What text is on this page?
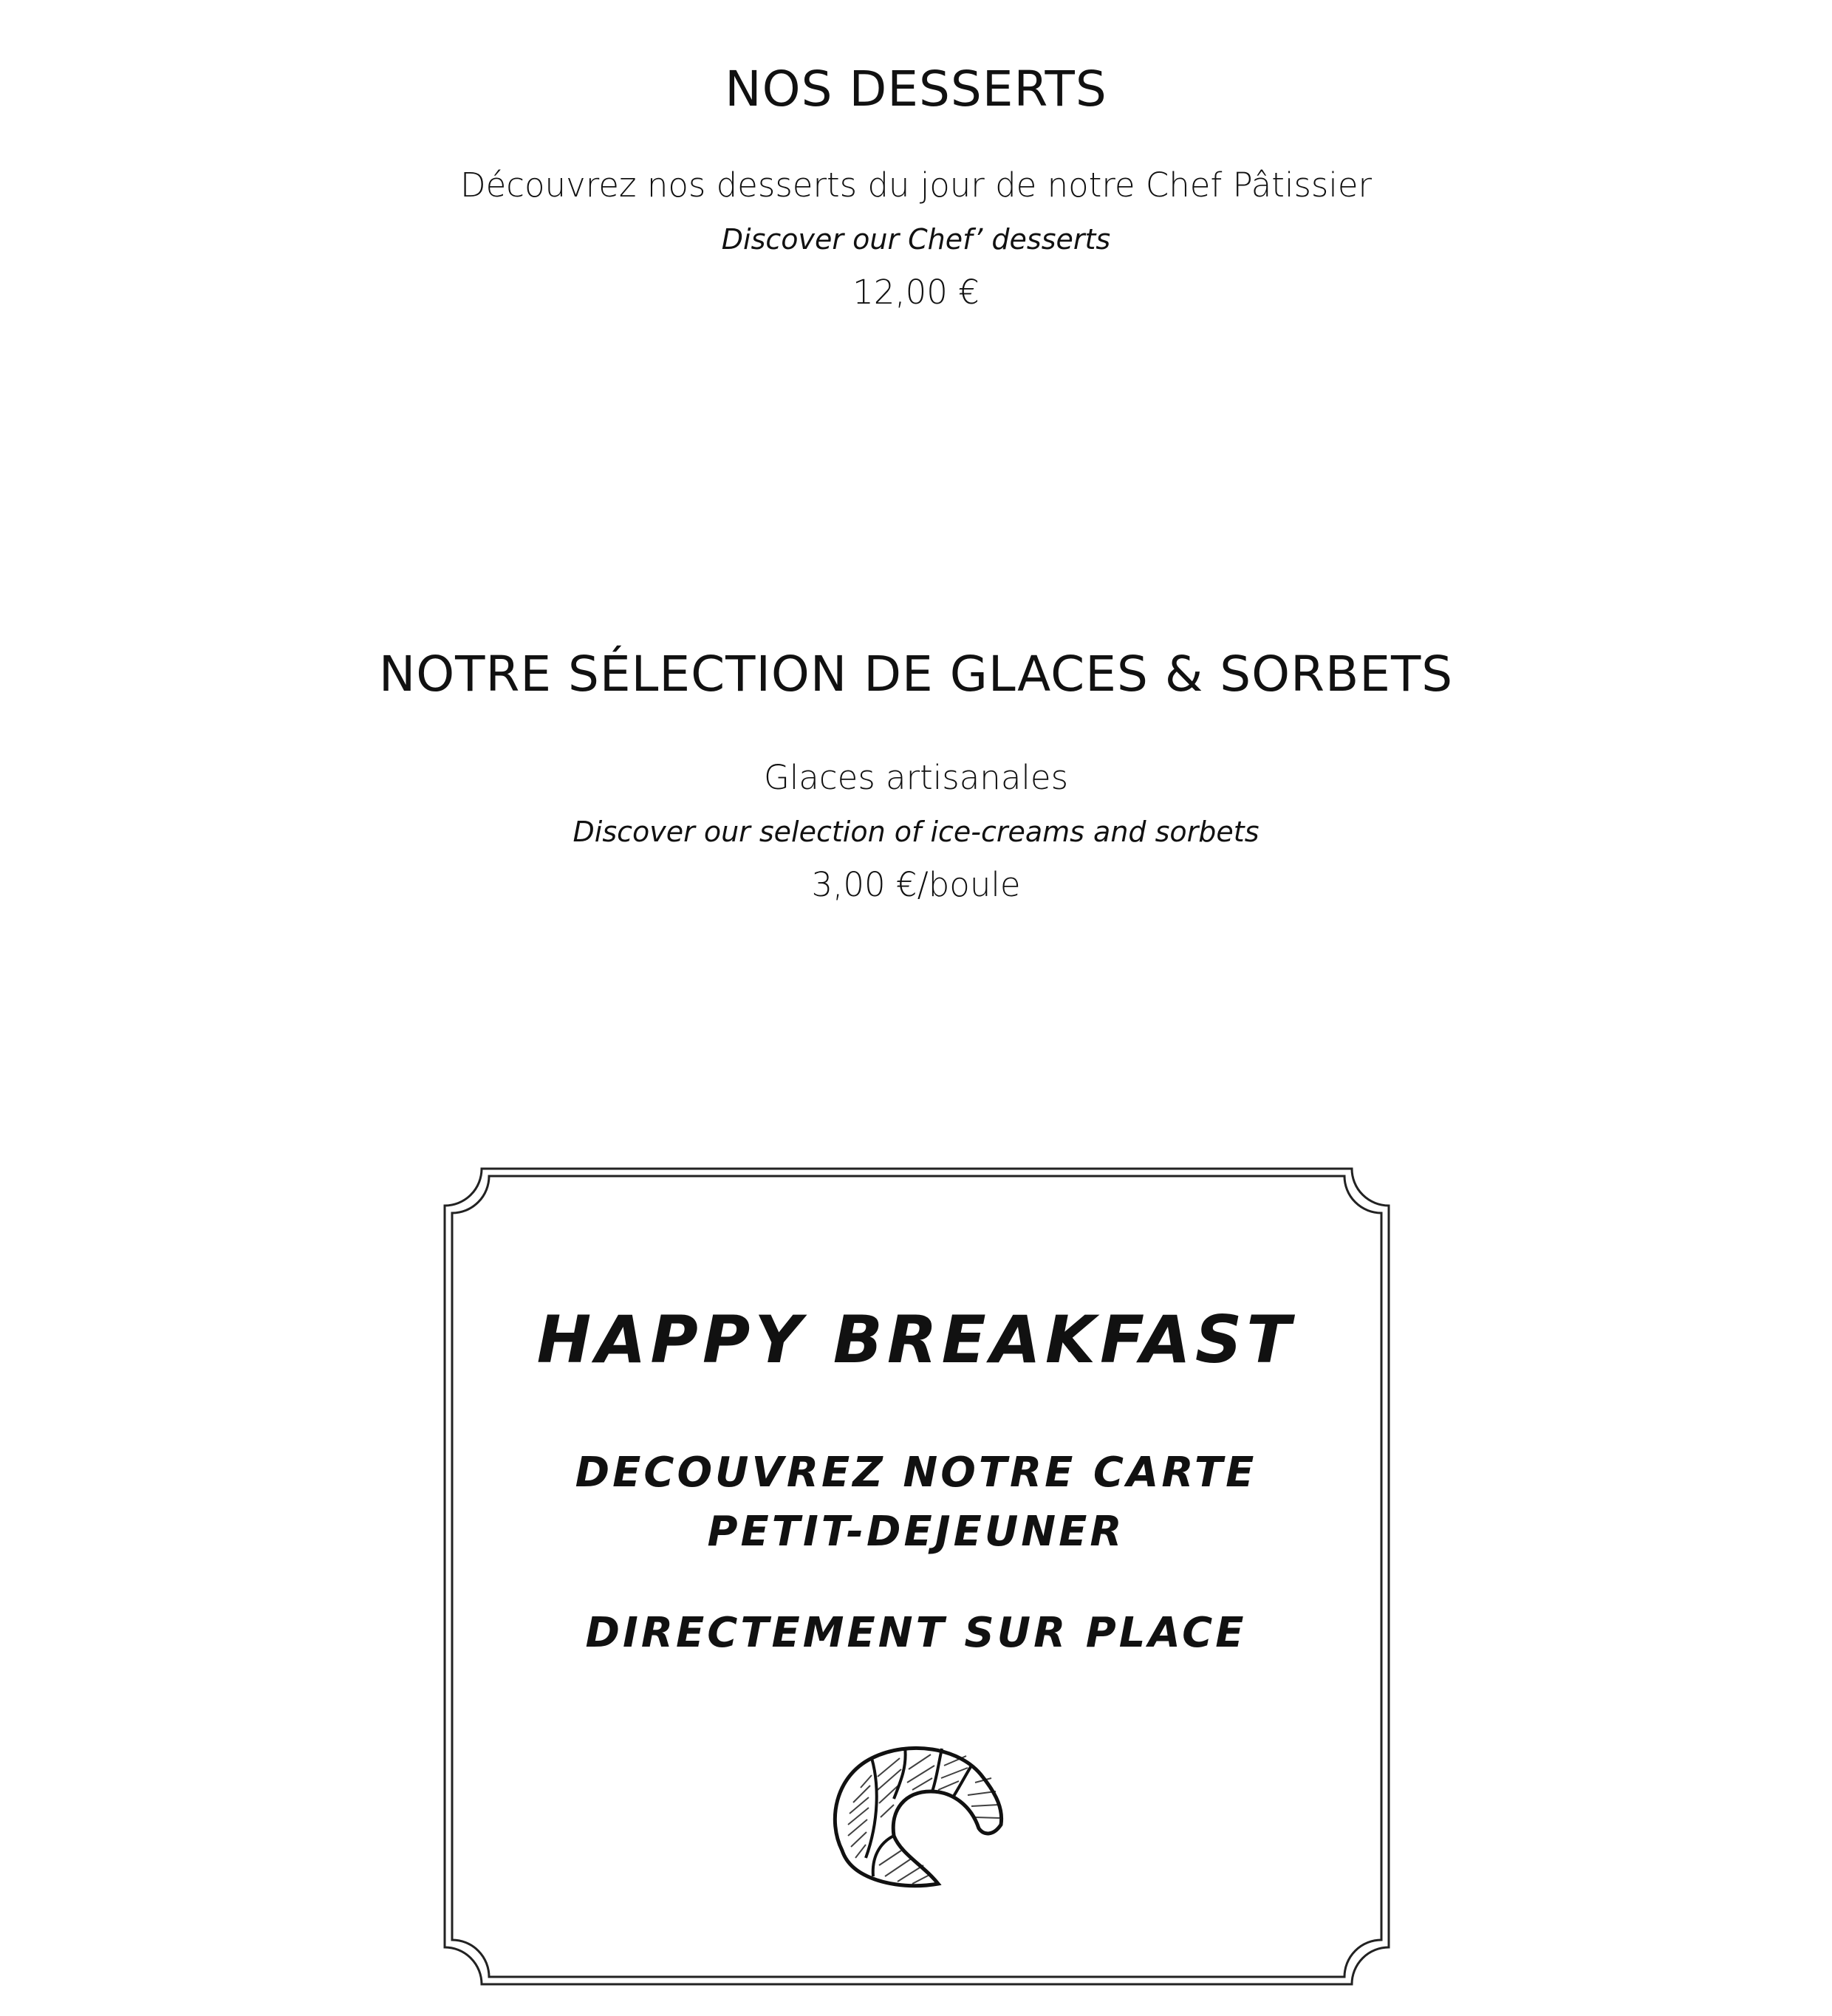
NOS DESSERTS
Découvrez nos desserts du jour de notre Chef Pâtissier
Discover our Chef’ desserts
12,00 €
NOTRE SÉLECTION DE GLACES & SORBETS
Glaces artisanales
Discover our selection of ice-creams and sorbets
3,00 €/boule
HAPPY BREAKFAST
DECOUVREZ NOTRE CARTE
PETIT-DEJEUNER
DIRECTEMENT SUR PLACE
